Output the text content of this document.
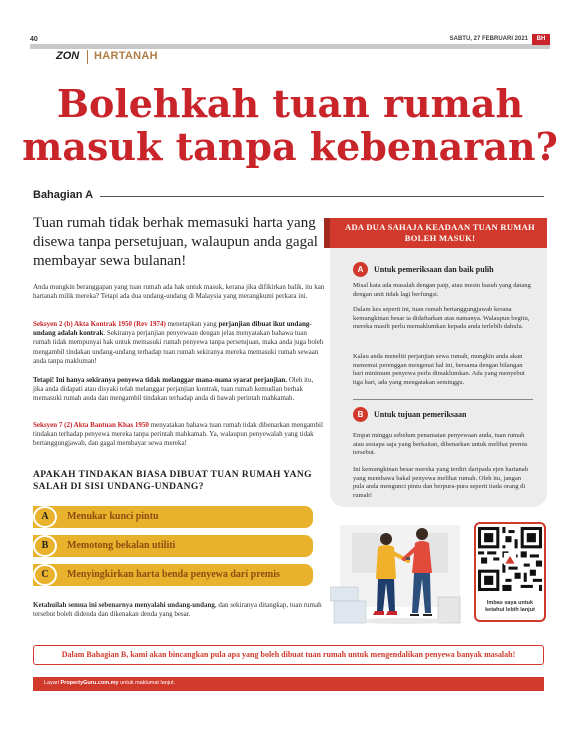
40	SABTU, 27 FEBRUARI 2021	BH
ZON HARTANAH
Bolehkah tuan rumah
masuk tanpa kebenaran?
Bahagian A
Tuan rumah tidak berhak memasuki harta yang disewa tanpa persetujuan, walaupun anda gagal membayar sewa bulanan!
Anda mungkin beranggapan yang tuan rumah ada hak untuk masuk, kerana jika difikirkan balik, itu kan hartanah milik mereka? Tetapi ada dua undang-undang di Malaysia yang merangkumi perkara ini.
Seksyen 2 (b) Akta Kontrak 1950 (Rev 1974) menetapkan yang perjanjian dibuat ikut undang-undang adalah kontrak. Sekiranya perjanjian penyewaan dengan jelas menyatakan bahawa tuan rumah tidak mempunyai hak untuk memasuki rumah penyewa tanpa persetujuan, maka anda juga boleh mengambil tindakan undang-undang terhadap tuan rumah sekiranya mereka memasuki rumah sewaan anda tanpa makluman!
Tetapi! Ini hanya sekiranya penyewa tidak melanggar mana-mana syarat perjanjian. Oleh itu, jika anda didapati atau disyaki telah melanggar perjanjian kontrak, tuan rumah kemudian berhak memasuki rumah anda dan mengambil tindakan terhadap anda di bawah perintah mahkamah.
Seksyen 7 (2) Akta Bantuan Khas 1950 menyatakan bahawa tuan rumah tidak dibenarkan mengambil tindakan terhadap penyewa mereka tanpa perintah mahkamah. Ya, walaupun penyewalah yang tidak bertanggungjawab, dan gagal membayar sewa mereka!
APAKAH TINDAKAN BIASA DIBUAT TUAN RUMAH YANG SALAH DI SISI UNDANG-UNDANG?
A	Menukar kunci pintu
B	Memotong bekalan utiliti
C	Menyingkirkan harta benda penyewa dari premis
Ketahuilah semua ini sebenarnya menyalahi undang-undang, dan sekiranya ditangkap, tuan rumah tersebut boleh didenda dan dikenakan denda yang besar.
ADA DUA SAHAJA KEADAAN TUAN RUMAH BOLEH MASUK!
A	Untuk pemeriksaan dan baik pulih
Misal kata ada masalah dengan paip, atau mesin basuh yang datang dengan unit tidak lagi berfungsi.
Dalam kes seperti ini, tuan rumah bertanggungjawab kerana kemungkinan besar ia didaftarkan atas namanya. Walaupun begitu, mereka masih perlu memaklumkan kepada anda terlebih dahulu.
Kalau anda meneliti perjanjian sewa rumah, mungkin anda akan menemui perenggan mengenai hal ini, bersama dengan bilangan hari minimum penyewa perlu dimaklumkan. Ada yang menyebut tiga hari, ada yang mengatakan seminggu.
B	Untuk tujuan pemeriksaan
Empat minggu sebelum penamatan penyewaan anda, tuan rumah atau sesiapa saja yang berkaitan, dibenarkan untuk melihat premis tersebut.
Ini kemungkinan besar mereka yang terdiri daripada ejen hartanah yang membawa bakal penyewa melihat rumah. Oleh itu, jangan pula anda mengunci pintu dan berpura-pura seperti tiada orang di rumah!
Imbas saya untuk ketahui lebih lanjut
Dalam Bahagian B, kami akan bincangkan pula apa yang boleh dibuat tuan rumah untuk mengendalikan penyewa banyak masalah!
Layari PropertyGuru.com.my untuk maklumat lanjut.
